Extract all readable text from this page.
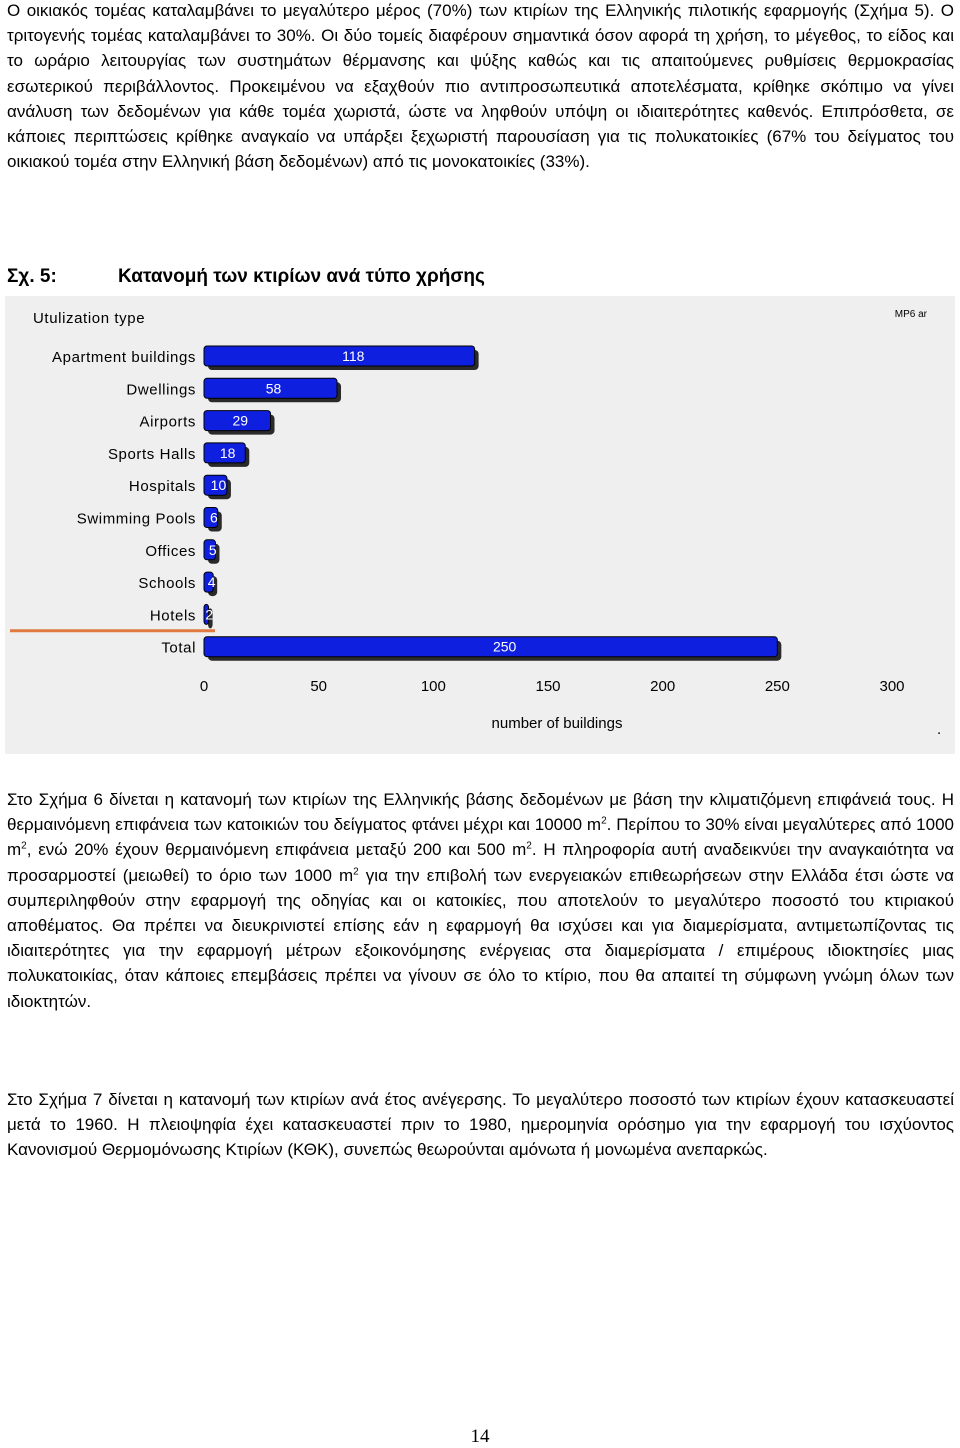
Ο οικιακός τομέας καταλαμβάνει το μεγαλύτερο μέρος (70%) των κτιρίων της Ελληνικής πιλοτικής εφαρμογής (Σχήμα 5). Ο τριτογενής τομέας καταλαμβάνει το 30%. Οι δύο τομείς διαφέρουν σημαντικά όσον αφορά τη χρήση, το μέγεθος, το είδος και το ωράριο λειτουργίας των συστημάτων θέρμανσης και ψύξης καθώς και τις απαιτούμενες ρυθμίσεις θερμοκρασίας εσωτερικού περιβάλλοντος. Προκειμένου να εξαχθούν πιο αντιπροσωπευτικά αποτελέσματα, κρίθηκε σκόπιμο να γίνει ανάλυση των δεδομένων για κάθε τομέα χωριστά, ώστε να ληφθούν υπόψη οι ιδιαιτερότητες καθενός. Επιπρόσθετα, σε κάποιες περιπτώσεις κρίθηκε αναγκαίο να υπάρξει ξεχωριστή παρουσίαση για τις πολυκατοικίες (67% του δείγματος του οικιακού τομέα στην Ελληνική βάση δεδομένων) από τις μονοκατοικίες (33%).

Σχ. 5:	Κατανομή των κτιρίων ανά τύπο χρήσης
Utulization type	MP6 ar
Apartment buildings	118
Dwellings	58
Airports	29
Sports Halls 18
Hospitals 10
Swimming Pools 6
Offices 5
Schools 4
Hotels 2
Total	250
0	50	100	150	200	250	300
number of buildings	.

Στο Σχήμα 6 δίνεται η κατανομή των κτιρίων της Ελληνικής βάσης δεδομένων με βάση την κλιματιζόμενη επιφάνειά τους. Η θερμαινόμενη επιφάνεια των κατοικιών του δείγματος φτάνει μέχρι και 10000 $m^2$. Περίπου το 30% είναι μεγαλύτερες από 1000 $m^2$, ενώ 20% έχουν θερμαινόμενη επιφάνεια μεταξύ 200 και 500 $m^2$. Η πληροφορία αυτή αναδεικνύει την αναγκαιότητα να προσαρμοστεί (μειωθεί) το όριο των 1000 $m^2$ για την επιβολή των ενεργειακών επιθεωρήσεων στην Ελλάδα έτσι ώστε να συμπεριληφθούν στην εφαρμογή της οδηγίας και οι κατοικίες, που αποτελούν το μεγαλύτερο ποσοστό του κτιριακού αποθέματος. Θα πρέπει να διευκρινιστεί επίσης εάν η εφαρμογή θα ισχύσει και για διαμερίσματα, αντιμετωπίζοντας τις ιδιαιτερότητες για την εφαρμογή μέτρων εξοικονόμησης ενέργειας στα διαμερίσματα / επιμέρους ιδιοκτησίες μιας πολυκατοικίας, όταν κάποιες επεμβάσεις πρέπει να γίνουν σε όλο το κτίριο, που θα απαιτεί τη σύμφωνη γνώμη όλων των ιδιοκτητών.

Στο Σχήμα 7 δίνεται η κατανομή των κτιρίων ανά έτος ανέγερσης. Το μεγαλύτερο ποσοστό των κτιρίων έχουν κατασκευαστεί μετά το 1960. Η πλειοψηφία έχει κατασκευαστεί πριν το 1980, ημερομηνία ορόσημο για την εφαρμογή του ισχύοντος Κανονισμού Θερμομόνωσης Κτιρίων (ΚΘΚ), συνεπώς θεωρούνται αμόνωτα ή μονωμένα ανεπαρκώς.

14
